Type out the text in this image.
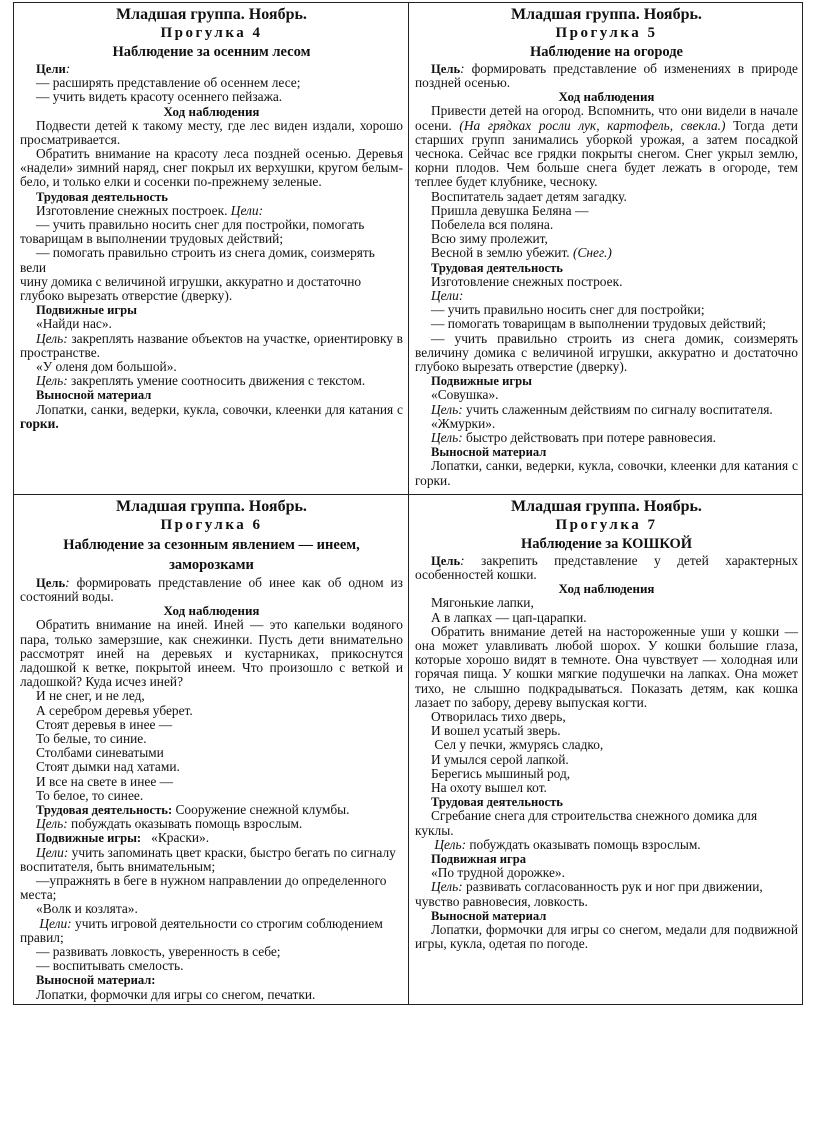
Младшая группа. Ноябрь.
Прогулка 4
Наблюдение за осенним лесом

Цели:

— расширять представление об осеннем лесе;

— учить видеть красоту осеннего пейзажа.

Ход наблюдения

Подвести детей к такому месту, где лес виден издали, хорошо просматривается.

Обратить внимание на красоту леса поздней осенью. Деревья «надели» зимний наряд, снег покрыл их верхушки, кругом белым-бело, и только елки и сосенки по-прежнему зеленые.

Трудовая деятельность

Изготовление снежных построек. Цели:

— учить правильно носить снег для постройки, помогать товарищам в выполнении трудовых действий;

— помогать правильно строить из снега домик, соизмерять вели

чину домика с величиной игрушки, аккуратно и достаточно

глубоко вырезать отверстие (дверку).

Подвижные игры

«Найди нас».

Цель: закреплять название объектов на участке, ориентировку в пространстве.

«У оленя дом большой».

Цель: закреплять умение соотносить движения с текстом.

Выносной материал

Лопатки, санки, ведерки, кукла, совочки, клеенки для катания с горки.

Младшая группа. Ноябрь.
Прогулка 5
Наблюдение на огороде

Цель: формировать представление об изменениях в природе поздней осенью.

Ход наблюдения

Привести детей на огород. Вспомнить, что они видели в начале осени. (На грядках росли лук, картофель, свекла.) Тогда дети старших групп занимались уборкой урожая, а затем посадкой чеснока. Сейчас все грядки покрыты снегом. Снег укрыл землю, корни плодов. Чем больше снега будет лежать в огороде, тем теплее будет клубнике, чесноку.

Воспитатель задает детям загадку.

Пришла девушка Беляна —

Побелела вся поляна.

Всю зиму пролежит,

Весной в землю убежит. (Снег.)

Трудовая деятельность

Изготовление снежных построек.

Цели:

— учить правильно носить снег для постройки;

— помогать товарищам в выполнении трудовых действий;

— учить правильно строить из снега домик, соизмерять величину домика с величиной игрушки, аккуратно и достаточно глубоко вырезать отверстие (дверку).

Подвижные игры

«Совушка».

Цель: учить слаженным действиям по сигналу воспитателя.

«Жмурки».

Цель: быстро действовать при потере равновесия.

Выносной материал

Лопатки, санки, ведерки, кукла, совочки, клеенки для катания с горки.

Младшая группа. Ноябрь.
Прогулка 6
Наблюдение за сезонным явлением — инеем, заморозками

Цель: формировать представление об инее как об одном из состояний воды.

Ход наблюдения

Обратить внимание на иней. Иней — это капельки водяного пара, только замерзшие, как снежинки. Пусть дети внимательно рассмотрят иней на деревьях и кустарниках, прикоснутся ладошкой к ветке, покрытой инеем. Что произошло с веткой и ладошкой? Куда исчез иней?

И не снег, и не лед,

А серебром деревья уберет.

Стоят деревья в инее —

То белые, то синие.

Столбами синеватыми

Стоят дымки над хатами.

И все на свете в инее —

То белое, то синее.

Трудовая деятельность: Сооружение снежной клумбы.

Цель: побуждать оказывать помощь взрослым.

Подвижные игры: «Краски».

Цели: учить запоминать цвет краски, быстро бегать по сигналу воспитателя, быть внимательным;

—упражнять в беге в нужном направлении до определенного места;

«Волк и козлята».

Цели: учить игровой деятельности со строгим соблюдением правил;

— развивать ловкость, уверенность в себе;

— воспитывать смелость.

Выносной материал:

Лопатки, формочки для игры со снегом, печатки.

Младшая группа. Ноябрь.
Прогулка 7
Наблюдение за КОШКОЙ

Цель: закрепить представление у детей характерных особенностей кошки.

Ход наблюдения

Мягонькие лапки,

А в лапках — цап-царапки.

Обратить внимание детей на настороженные уши у кошки — она может улавливать любой шорох. У кошки большие глаза, которые хорошо видят в темноте. Она чувствует — холодная или горячая пища. У кошки мягкие подушечки на лапках. Она может тихо, не слышно подкрадываться. Показать детям, как кошка лазает по забору, дереву выпуская когти.

Отворилась тихо дверь,

И вошел усатый зверь.

Сел у печки, жмурясь сладко,

И умылся серой лапкой.

Берегись мышиный род,

На охоту вышел кот.

Трудовая деятельность

Сгребание снега для строительства снежного домика для куклы.

Цель: побуждать оказывать помощь взрослым.

Подвижная игра

«По трудной дорожке».

Цель: развивать согласованность рук и ног при движении, чувство равновесия, ловкость.

Выносной материал

Лопатки, формочки для игры со снегом, медали для подвижной игры, кукла, одетая по погоде.
